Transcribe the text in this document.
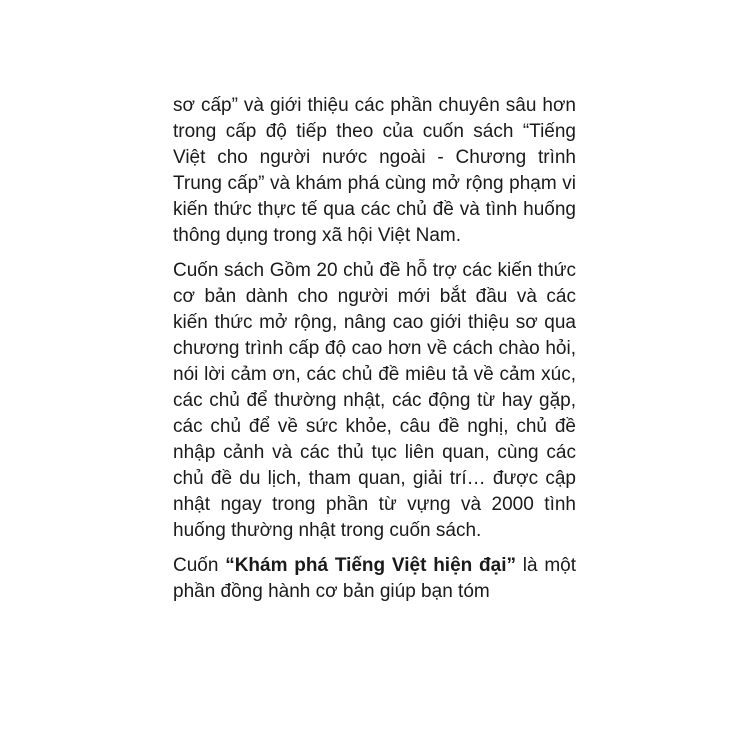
sơ cấp” và giới thiệu các phần chuyên sâu hơn trong cấp độ tiếp theo của cuốn sách “Tiếng Việt cho người nước ngoài - Chương trình Trung cấp” và khám phá cùng mở rộng phạm vi kiến thức thực tế qua các chủ đề và tình huống thông dụng trong xã hội Việt Nam.

Cuốn sách Gồm 20 chủ đề hỗ trợ các kiến thức cơ bản dành cho người mới bắt đầu và các kiến thức mở rộng, nâng cao giới thiệu sơ qua chương trình cấp độ cao hơn về cách chào hỏi, nói lời cảm ơn, các chủ đề miêu tả về cảm xúc, các chủ để thường nhật, các động từ hay gặp, các chủ để về sức khỏe, câu đề nghị, chủ đề nhập cảnh và các thủ tục liên quan, cùng các chủ đề du lịch, tham quan, giải trí… được cập nhật ngay trong phần từ vựng và 2000 tình huống thường nhật trong cuốn sách.

Cuốn “Khám phá Tiếng Việt hiện đại” là một phần đồng hành cơ bản giúp bạn tóm
